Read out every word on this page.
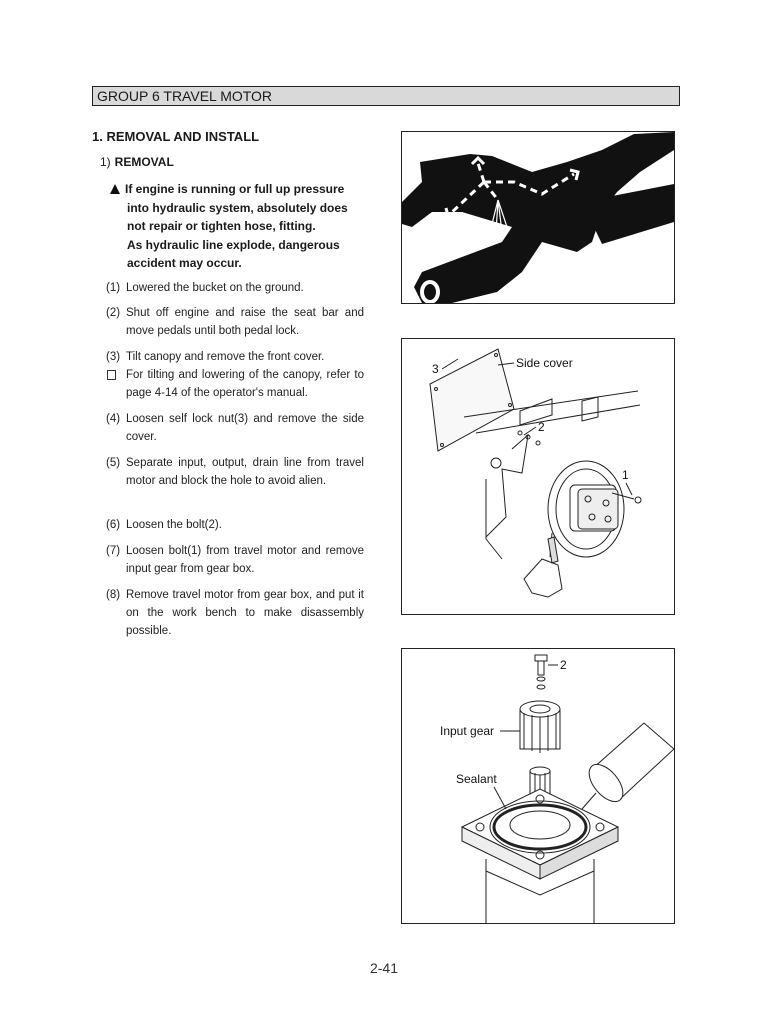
GROUP 6 TRAVEL MOTOR
1. REMOVAL AND INSTALL
1) REMOVAL
If engine is running or full up pressure
into hydraulic system, absolutely does
not repair or tighten hose, fitting.
As hydraulic line explode, dangerous
accident may occur.
(1) Lowered the bucket on the ground.
(2) Shut off engine and raise the seat bar and move pedals until both pedal lock.
(3) Tilt canopy and remove the front cover.
For tilting and lowering of the canopy, refer to page 4-14 of the operator's manual.
(4) Loosen self lock nut(3) and remove the side cover.
(5) Separate input, output, drain line from travel motor and block the hole to avoid alien.
(6) Loosen the bolt(2).
(7) Loosen bolt(1) from travel motor and remove input gear from gear box.
(8) Remove travel motor from gear box, and put it on the work bench to make disassembly possible.
3	Side cover
2
1
2
Input gear
Sealant
2-41
